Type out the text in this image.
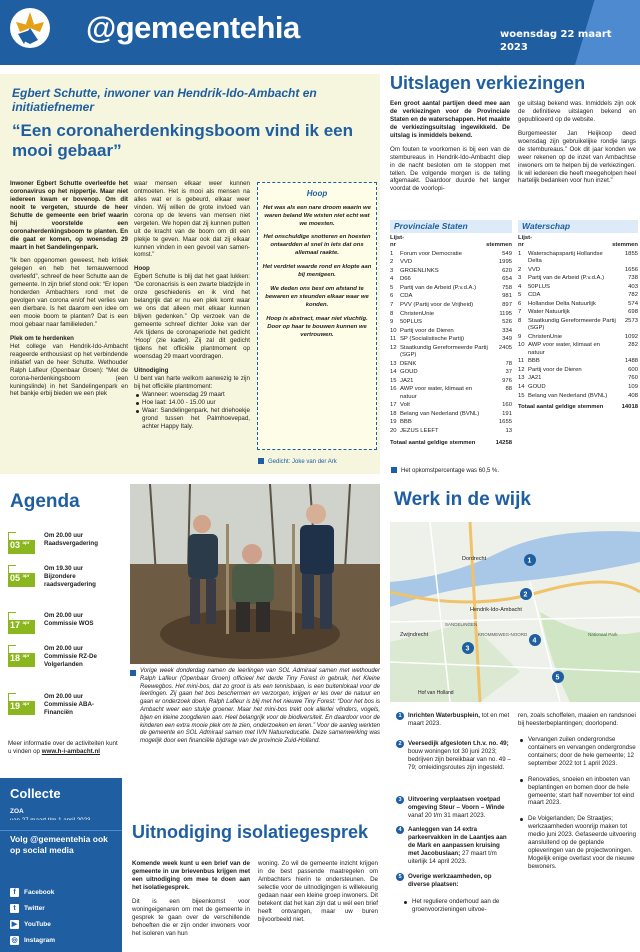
@gemeentehia	woensdag 22 maart 2023
Egbert Schutte, inwoner van Hendrik-Ido-Ambacht en initiatiefnemer
“Een coronaherdenkingsboom vind ik een mooi gebaar”

Inwoner Egbert Schutte overleefde het coronavirus op het nippertje. Maar niet iedereen kwam er bovenop. Om dit nooit te vergeten, stuurde de heer Schutte de gemeente een brief waarin hij voorstelde een coronaherdenkingsboom te planten. En die gaat er komen, op woensdag 29 maart in het Sandelingenpark.

“Ik ben opgenomen geweest, heb kritiek gelegen en heb het ternauwernood overleefd”, schreef de heer Schutte aan de gemeente. In zijn brief stond ook: “Er lopen honderden Ambachters rond met de gevolgen van corona en/of het verlies van een dierbare. Is het daarom een idee om een mooie boom te planten? Dat is een mooi gebaar naar familieleden.”

Plek om te herdenken

Het college van Hendrik-Ido-Ambacht reageerde enthousiast op het verbindende initiatief van de heer Schutte. Wethouder Ralph Lafleur (Openbaar Groen): “Met de corona-herdenkingsboom (een kuningslinde) in het Sandelingenpark en het bankje erbij bieden we een plek

waar mensen elkaar weer kunnen ontmoeten. Het is mooi als mensen na alles wat er is gebeurd, elkaar weer vinden. Wij willen de grote invloed van corona op de levens van mensen niet vergeten. We hopen dat zij kunnen putten uit de kracht van de boom om dit een plekje te geven. Maar ook dat zij elkaar kunnen vinden in een gevoel van samen-komst.”

Hoop

Egbert Schutte is blij dat het gaat lukken: “De coronacrisis is een zwarte bladzijde in onze geschiedenis en ik vind het belangrijk dat er nu een plek komt waar we ons dat alleen met elkaar kunnen blijven gedenken.” Op verzoek van de gemeente schreef dichter Joke van der Ark tijdens de coronaperiode het gedicht ‘Hoop’ (zie kader). Zij zal dit gedicht tijdens het officiële plantmoment op woensdag 29 maart voordragen.

Uitnodiging

U bent van harte welkom aanwezig te zijn bij het officiële plantmoment:

Wanneer: woensdag 29 maart
Hoe laat: 14.00 - 15.00 uur
Waar: Sandelingenpark, het driehoekje grond tussen het Palmhoevepad, achter Happy Italy.
Hoop

Het was als een nare droom waarin we waren beland We wisten niet echt wat we moesten.

Het onschuldige snotteren en hoesten ontaardden al snel in iets dat ons allemaal raakte.

Het verdriet waarde rond en klopte aan bij menigeen.

We deden ons best om afstand te bewaren en steunden elkaar waar we konden.

Hoop is abstract, maar niet vluchtig. Door op haar te bouwen kunnen we vertrouwen.

Gedicht: Joke van der Ark
Uitslagen verkiezingen

Een groot aantal partijen deed mee aan de verkiezingen voor de Provinciale Staten en de waterschappen. Het maakte de verkiezingsuitslag ingewikkeld. De uitslag is inmiddels bekend.

Om fouten te voorkomen is bij een van de stembureaus in Hendrik-Ido-Ambacht diep in de nacht besloten om te stoppen met tellen. De volgende morgen is de telling afgemaakt. Daardoor duurde het langer voordat de voorlopi-

ge uitslag bekend was. Inmiddels zijn ook de definitieve uitslagen bekend en gepubliceerd op de website.

Burgemeester Jan Heijkoop deed woensdag zijn gebruikelijke rondje langs de stembureaus.” Ook dit jaar konden we weer rekenen op de inzet van Ambachtse inwoners om te helpen bij de verkiezingen. Ik wil iedereen die heeft meegeholpen heel hartelijk bedanken voor hun inzet.”

Provinciale Staten
Lijst-
nr	stemmen
1	Forum voor Democratie	549
2	VVD	1995
3	GROENLINKS	620
4	D66	654
5	Partij van de Arbeid (P.v.d.A.)	758
6	CDA	981
7	PVV (Partij voor de Vrijheid)	897
8	ChristenUnie	1195
9	50PLUS	526
10	Partij voor de Dieren	334
11	SP (Socialistische Partij)	349
12	Staatkundig Gereformeerde Partij (SGP)	2405
13	DENK	78
14	GOUD	37
15	JA21	976
16	AWP voor water, klimaat en natuur	88
17	Volt	160
18	Belang van Nederland (BVNL)	191
19	BBB	1655
20	JEZUS LEEFT	13
Totaal aantal geldige stemmen	14258
Waterschap
Lijst-
nr	stemmen
1	Waterschapspartij Hollandse Delta	1855
2	VVD	1656
3	Partij van de Arbeid (P.v.d.A.)	738
4	50PLUS	403
5	CDA	782
6	Hollandse Delta Natuurlijk	574
7	Water Natuurlijk	698
8	Staatkundig Gereformeerde Partij (SGP)	2573
9	ChristenUnie	1092
10	AWP voor water, klimaat en natuur	282
11	BBB	1488
12	Partij voor de Dieren	600
13	JA21	760
14	GOUD	109
15	Belang van Nederland (BVNL)	408
Totaal aantal geldige stemmen	14018
Het opkomstpercentage was 60,5 %.
Agenda
03 $^{apr}$
Om 20.00 uur
Raadsvergadering
05 $^{apr}$
Om 19.30 uur
Bijzondere raadsvergadering
17 $^{apr}$
Om 20.00 uur
Commissie WOS
18 $^{apr}$
Om 20.00 uur
Commissie RZ-De Volgerlanden
19 $^{apr}$
Om 20.00 uur
Commissie ABA-Financiën
Meer informatie over de activiteiten kunt u vinden op www.h-i-ambacht.nl
Collecte
ZOA
Volg @gemeentehia ook op social media
f Facebook
t Twitter
▶ YouTube
◎ Instagram
Vorige week donderdag namen de leerlingen van SOL Admiraal samen met wethouder Ralph Lafleur (Openbaar Groen) officieel het derde Tiny Forest in gebruik, het Kleine Reewegbos. Het mini-bos, dat zo groot is als een tennisbaan, is een buitenlokaal voor de leerlingen. Zij gaan het bos beschermen en verzorgen, krijgen er les over de natuur en gaan er onderzoek doen. Ralph Lafleur is blij met het nieuwe Tiny Forest: “Door het bos is Ambacht weer een stukje groener. Maar het mini-bos trekt ook allerlei vlinders, vogels, bijen en kleine zoogdieren aan. Heel belangrijk voor de biodiversiteit. En daardoor voor de kinderen een extra mooie plek om te zien, onderzoeken en leren.” Voor de aanleg werkten de gemeente en SOL Admiraal samen met IVN Natuureducatie. Deze samenwerking was mogelijk door een financiële bijdrage van de provincie Zuid-Holland.
Uitnodiging isolatiegesprek

Komende week kunt u een brief van de gemeente in uw brievenbus krijgen met een uitnodiging om mee te doen aan het isolatiegesprek.

Dit is een bijeenkomst voor woningeigenaren om met de gemeente in gesprek te gaan over de verschillende behoeften die er zijn onder inwoners voor het isoleren van hun

woning. Zo wil de gemeente inzicht krijgen in de best passende maatregelen om Ambachters hierin te ondersteunen. De selectie voor de uitnodigingen is willekeurig gedaan naar een kleine groep inwoners. Dit betekent dat het kan zijn dat u wél een brief heeft ontvangen, maar uw buren bijvoorbeeld niet.

Werk in de wijk
1
2
3
4
5
Dordrecht
Hendrik-Ido-Ambacht
Zwijndrecht
SANDELINGEN
KROMMEWEG-NOORD
Hof van Holland
Nationaal Park
1	Inrichten Waterbusplein, tot en met maart 2023.
2	Veersedijk afgesloten t.h.v. no. 49; bouw woningen tot 30 juni 2023; bedrijven zijn bereikbaar van no. 49 – 79; omleidingsroutes zijn ingesteld.
3	Uitvoering verplaatsen voetpad omgeving Steur – Voorn – Winde vanaf 20 t/m 31 maart 2023.
4	Aanleggen van 14 extra parkeervakken in de Laantjes aan de Mark en aanpassen kruising met Jacobuslaan; 27 maart t/m uiterlijk 14 april 2023.
5	Overige werkzaamheden, op diverse plaatsen:
Het reguliere onderhoud aan de groenvoorzieningen uitvoe-
ren, zoals schoffelen, maaien en randsnoei bij heesterbeplantingen; doorlopend.
Vervangen zuilen ondergrondse containers en vervangen ondergrondse containers; door de hele gemeente; 12 september 2022 tot 1 april 2023.
Renovaties, snoeien en inboeten van beplantingen en bomen door de hele gemeente; start half november tot eind maart 2023.
De Volgerlanden; De Straatjes; werkzaamheden woonrijp maken tot medio juni 2023. Gefaseerde uitvoering aansluitend op de geplande opleveringen van de projectwoningen. Mogelijk enige overlast voor de nieuwe bewoners.
